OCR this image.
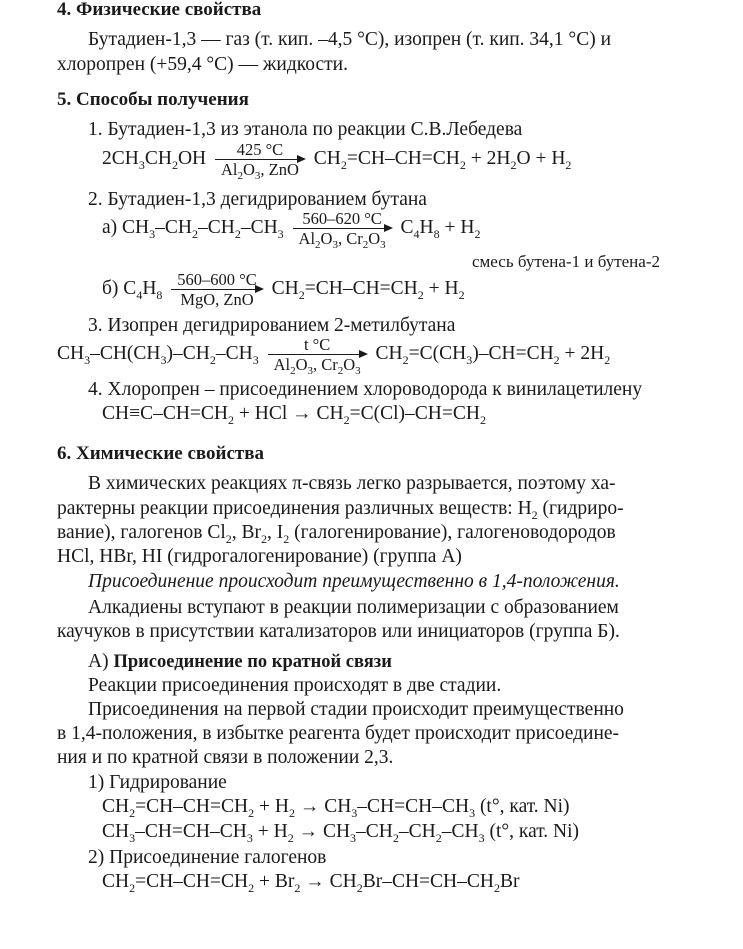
4. Физические свойства
Бутадиен-1,3 — газ (т. кип. –4,5 °С), изопрен (т. кип. 34,1 °С) и
хлоропрен (+59,4 °С) — жидкости.
5. Способы получения
1. Бутадиен-1,3 из этанола по реакции С.В.Лебедева
$2CH_3CH_2OH$	425 °C
$Al_2O_3$, ZnO
$CH_2=CH-CH=CH_2 + 2H_2O + H_2$
2. Бутадиен-1,3 дегидрированием бутана
а) $CH_3-CH_2-CH_2-CH_3 \frac{560-620 ^\circ C}{Al_2O_3, Cr_2O_3} C_4H_8 + H_2$
смесь бутена-1 и бутена-2
б) $C_4H_8$
560–600 °C
MgO, ZnO
$CH_2=CH-CH=CH_2 + H_2$
3. Изопрен дегидрированием 2-метилбутана
$CH_3-CH(CH_3)-CH_2-CH_3 \frac{t ^\circ C}{Al_2O_3, Cr_2O_3} CH_2=C(CH_3)-CH=CH_2 + 2H_2$
4. Хлоропрен – присоединением хлороводорода к винилацетилену
$CH\equiv C-CH=CH_2$ + HCl → $CH_2=C(Cl)-CH=CH_2$
6. Химические свойства
В химических реакциях π-связь легко разрывается, поэтому ха-
рактерны реакции присоединения различных веществ: $H_2$ (гидриро-
вание), галогенов $Cl_2$, $Br_2$, $I_2$ (галогенирование), галогеноводородов
HCl, HBr, HI (гидрогалогенирование) (группа А)
Присоединение происходит преимущественно в 1,4-положения.
Алкадиены вступают в реакции полимеризации с образованием
каучуков в присутствии катализаторов или инициаторов (группа Б).
А) Присоединение по кратной связи
Реакции присоединения происходят в две стадии.
Присоединения на первой стадии происходит преимущественно
в 1,4-положения, в избытке реагента будет происходит присоедине-
ния и по кратной связи в положении 2,3.
1) Гидрирование
$CH_2=CH-CH=CH_2 + H_2 \to CH_3-CH=CH-CH_3$ (t°, кат. Ni)
$CH_3-CH=CH-CH_3 + H_2 \to CH_3-CH_2-CH_2-CH_3$ (t°, кат. Ni)
2) Присоединение галогенов
$CH_2=CH-CH=CH_2 + Br_2 \to CH_2Br-CH=CH-CH_2Br$
